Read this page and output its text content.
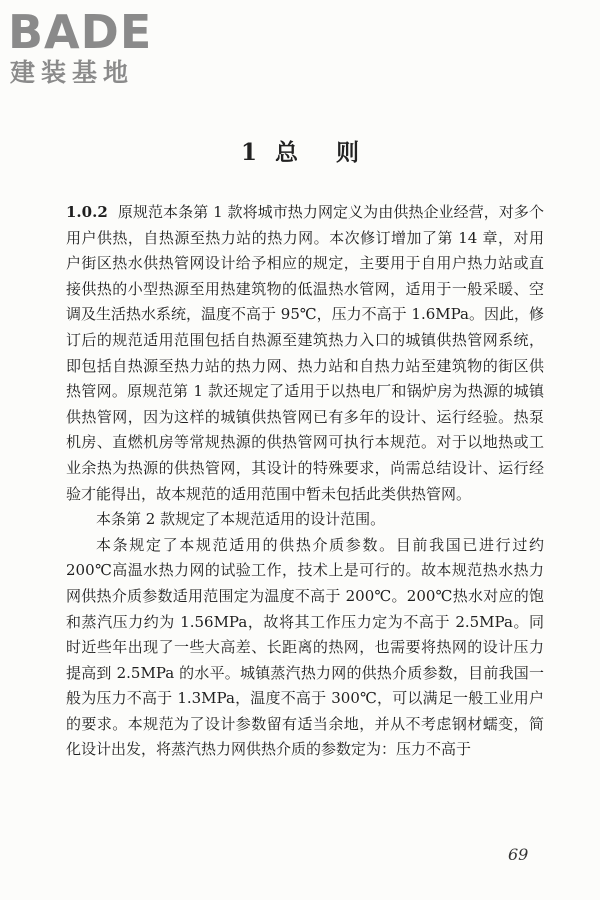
BADE
建装基地
1 总 则

1.0.2 原规范本条第 1 款将城市热力网定义为由供热企业经营，对多个用户供热，自热源至热力站的热力网。本次修订增加了第 14 章，对用户街区热水供热管网设计给予相应的规定，主要用于自用户热力站或直接供热的小型热源至用热建筑物的低温热水管网，适用于一般采暖、空调及生活热水系统，温度不高于 95℃，压力不高于 1.6MPa。因此，修订后的规范适用范围包括自热源至建筑热力入口的城镇供热管网系统，即包括自热源至热力站的热力网、热力站和自热力站至建筑物的街区供热管网。原规范第 1 款还规定了适用于以热电厂和锅炉房为热源的城镇供热管网，因为这样的城镇供热管网已有多年的设计、运行经验。热泵机房、直燃机房等常规热源的供热管网可执行本规范。对于以地热或工业余热为热源的供热管网，其设计的特殊要求，尚需总结设计、运行经验才能得出，故本规范的适用范围中暂未包括此类供热管网。

本条第 2 款规定了本规范适用的设计范围。

本条规定了本规范适用的供热介质参数。目前我国已进行过约 200℃高温水热力网的试验工作，技术上是可行的。故本规范热水热力网供热介质参数适用范围定为温度不高于 200℃。200℃热水对应的饱和蒸汽压力约为 1.56MPa，故将其工作压力定为不高于 2.5MPa。同时近些年出现了一些大高差、长距离的热网，也需要将热网的设计压力提高到 2.5MPa 的水平。城镇蒸汽热力网的供热介质参数，目前我国一般为压力不高于 1.3MPa，温度不高于 300℃，可以满足一般工业用户的要求。本规范为了设计参数留有适当余地，并从不考虑钢材蠕变，简化设计出发，将蒸汽热力网供热介质的参数定为：压力不高于

69
